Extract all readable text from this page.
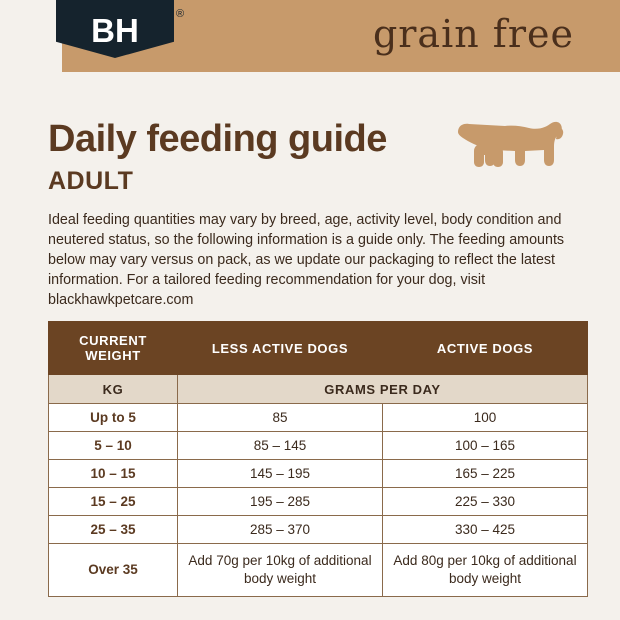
BH	®	grain free
Daily feeding guide
ADULT
Ideal feeding quantities may vary by breed, age, activity level, body condition and neutered status, so the following information is a guide only. The feeding amounts below may vary versus on pack, as we update our packaging to reflect the latest information. For a tailored feeding recommendation for your dog, visit blackhawkpetcare.com
CURRENT WEIGHT	LESS ACTIVE DOGS	ACTIVE DOGS
KG	GRAMS PER DAY	
Up to 5	85	100
5 – 10	85 – 145	100 – 165
10 – 15	145 – 195	165 – 225
15 – 25	195 – 285	225 – 330
25 – 35	285 – 370	330 – 425
Over 35	Add 70g per 10kg of additional body weight	Add 80g per 10kg of additional body weight
